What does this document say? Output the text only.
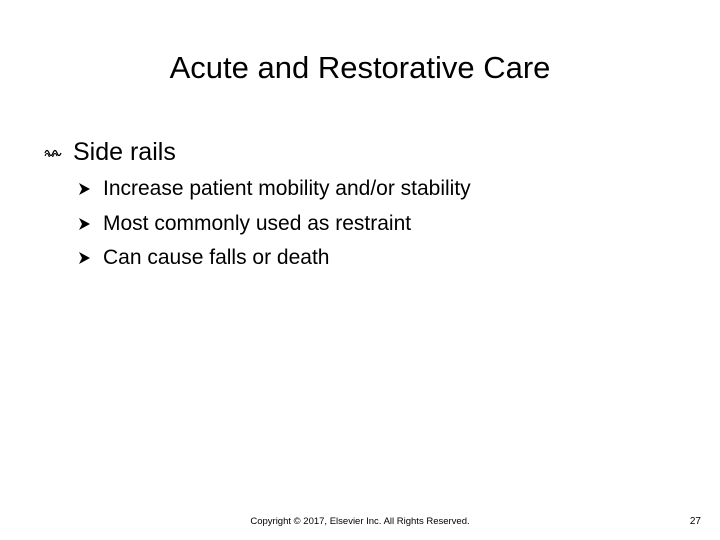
Acute and Restorative Care
Side rails
Increase patient mobility and/or stability
Most commonly used as restraint
Can cause falls or death
Copyright © 2017, Elsevier Inc. All Rights Reserved.	27
